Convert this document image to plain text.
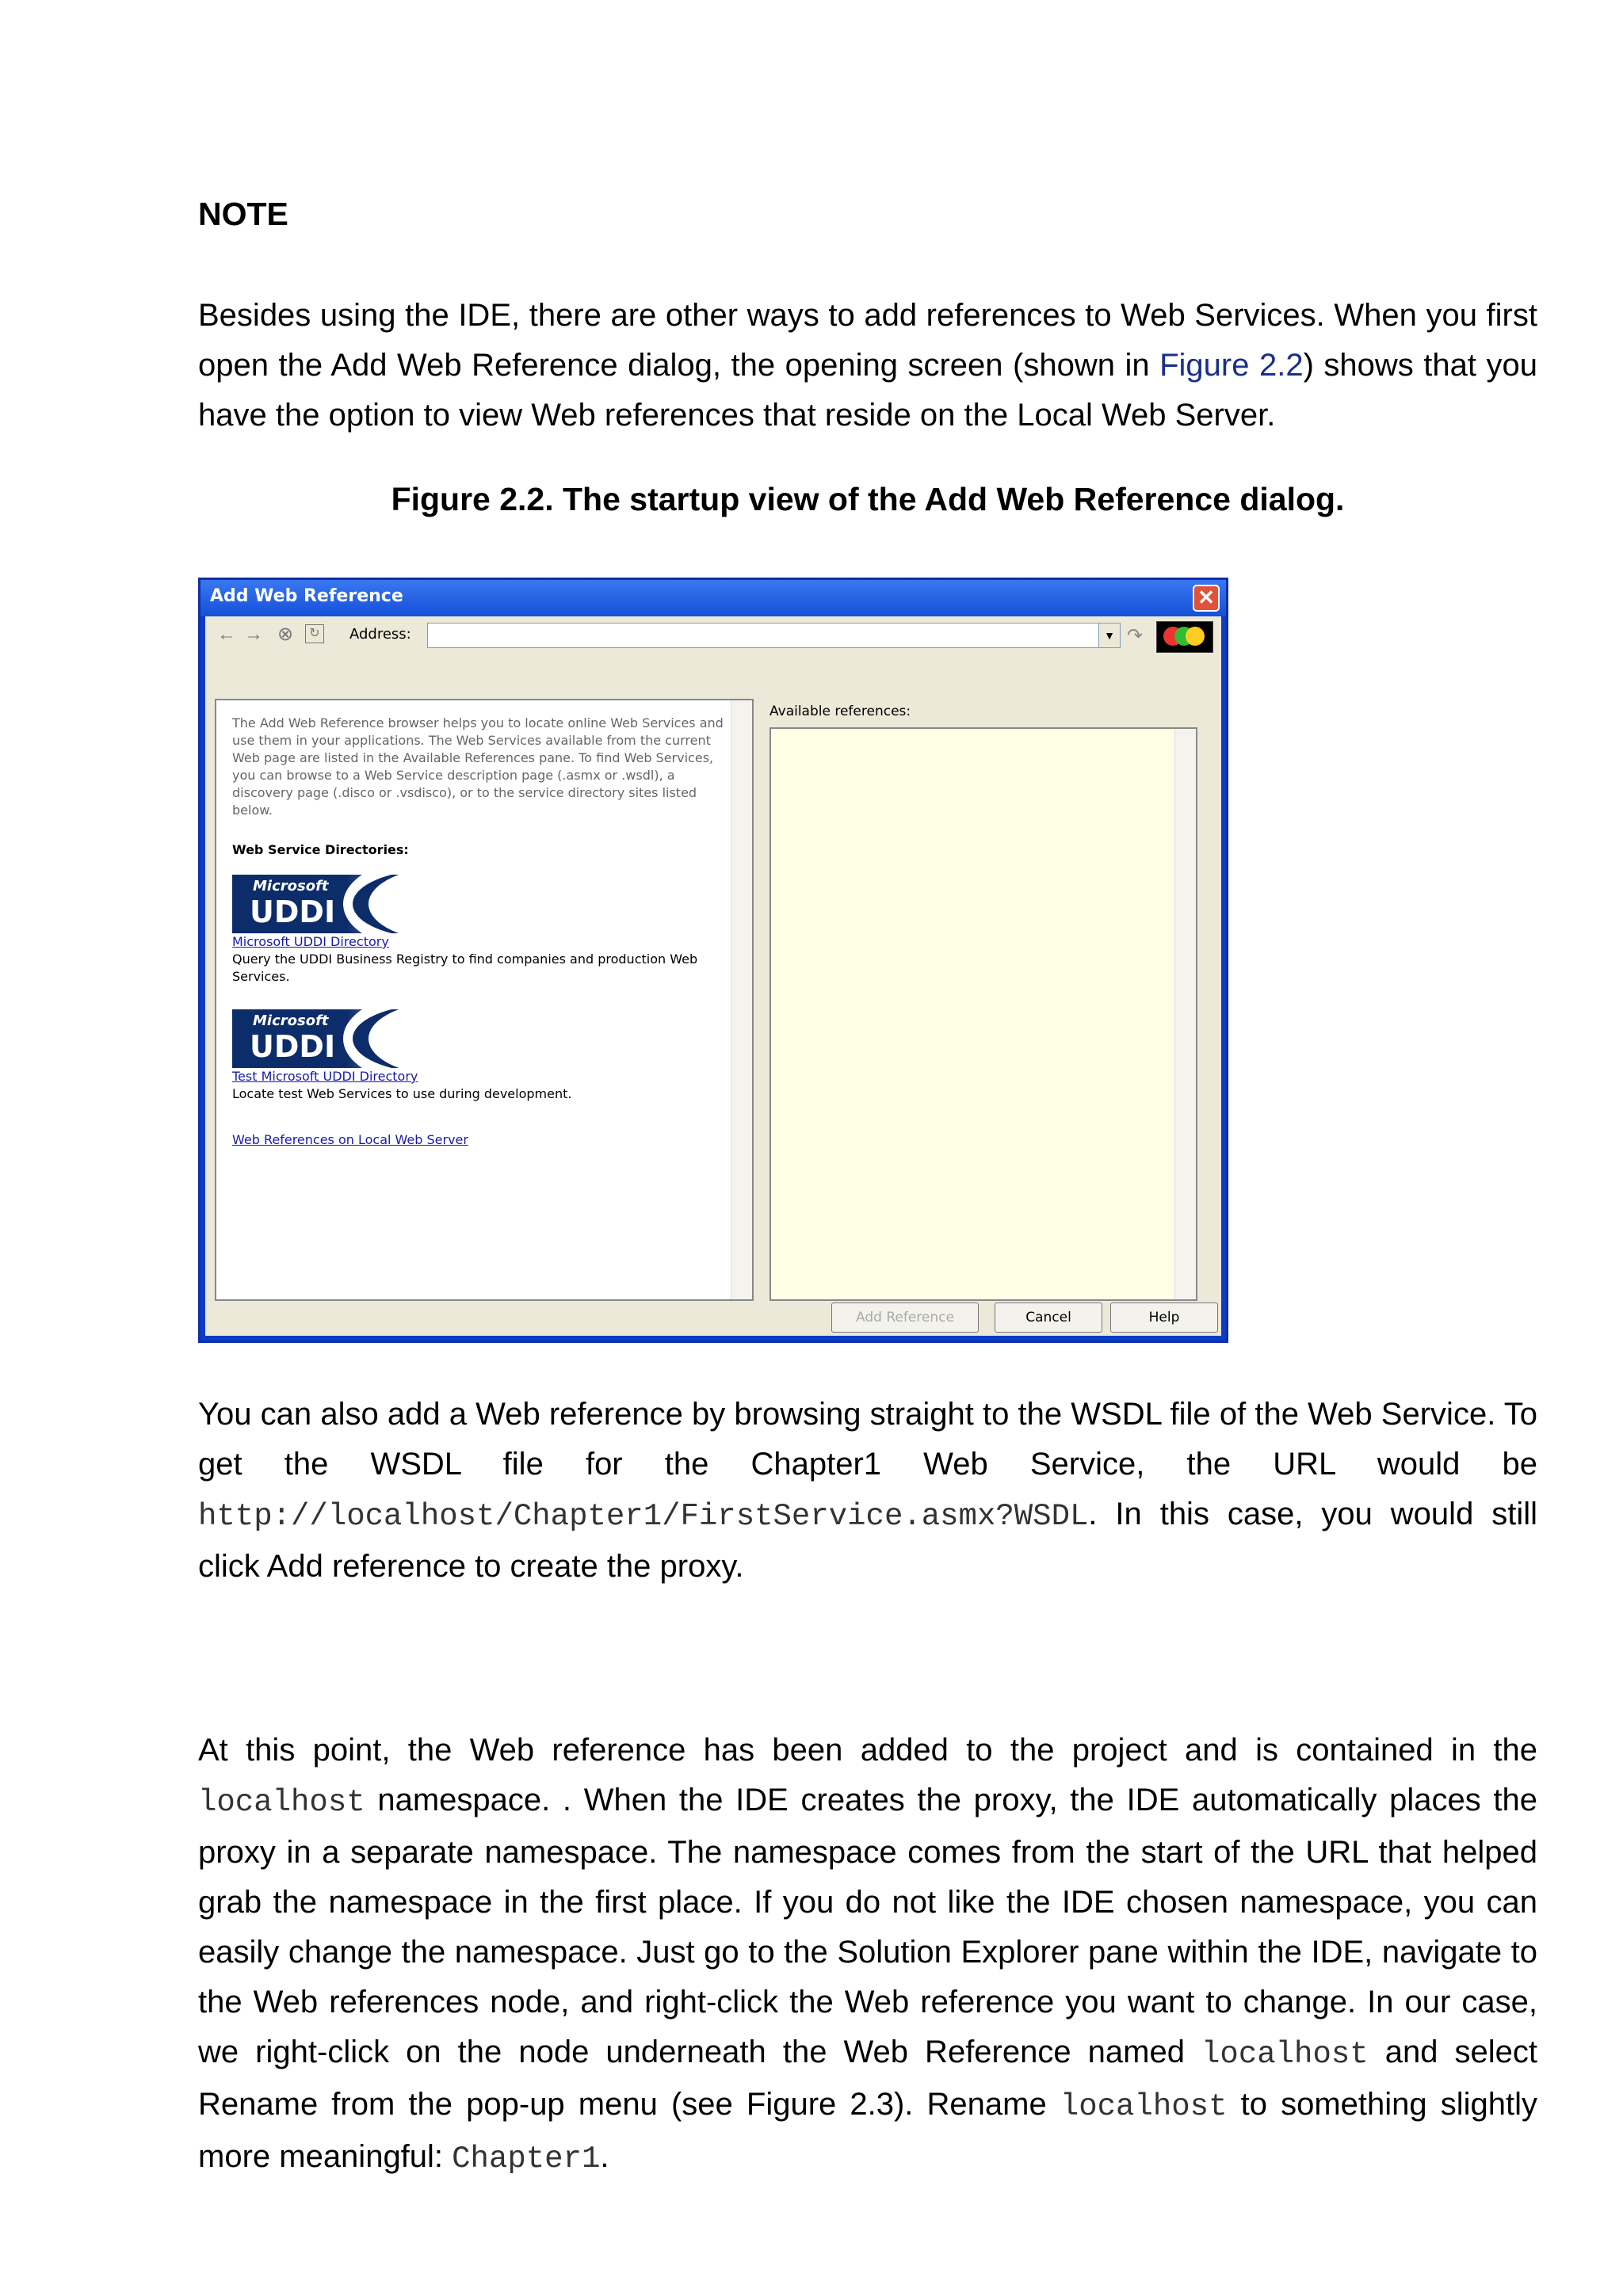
NOTE

Besides using the IDE, there are other ways to add references to Web Services. When you first open the Add Web Reference dialog, the opening screen (shown in Figure 2.2) shows that you have the option to view Web references that reside on the Local Web Server.

Figure 2.2. The startup view of the Add Web Reference dialog.
Add Web Reference	✕
← → ⊗	↻ Address:	▼ ↷
The Add Web Reference browser helps you to locate online Web Services and use them in your applications. The Web Services available from the current Web page are listed in the Available References pane. To find Web Services, you can browse to a Web Service description page (.asmx or .wsdl), a discovery page (.disco or .vsdisco), or to the service directory sites listed below.
Web Service Directories:
Microsoft
UDDI
Microsoft UDDI Directory
Query the UDDI Business Registry to find companies and production Web Services.
Microsoft
UDDI
Test Microsoft UDDI Directory
Locate test Web Services to use during development.
Web References on Local Web Server
Available references:
Add Reference	Cancel	Help

You can also add a Web reference by browsing straight to the WSDL file of the Web Service. To get the WSDL file for the Chapter1 Web Service, the URL would be http://localhost/Chapter1/FirstService.asmx?WSDL. In this case, you would still click Add reference to create the proxy.

At this point, the Web reference has been added to the project and is contained in the localhost namespace. . When the IDE creates the proxy, the IDE automatically places the proxy in a separate namespace. The namespace comes from the start of the URL that helped grab the namespace in the first place. If you do not like the IDE chosen namespace, you can easily change the namespace. Just go to the Solution Explorer pane within the IDE, navigate to the Web references node, and right-click the Web reference you want to change. In our case, we right-click on the node underneath the Web Reference named localhost and select Rename from the pop-up menu (see Figure 2.3). Rename localhost to something slightly more meaningful: Chapter1.
